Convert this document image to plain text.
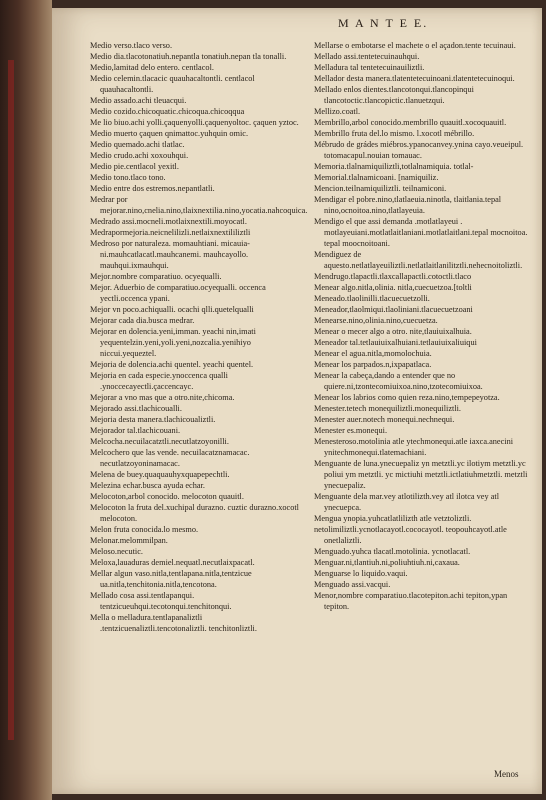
M A N T E E.

Medio verso.tlaco verso.

Medio dia.tlacotonatiuh.nepantla tonatiuh.nepan tla tonalli.

Medio,lamitad delo entero. centlacol.

Medio celemin.tlacacic quauhacaltontli. centlacol quauhacaltontli.

Medio assado.achi tleuacqui.

Medio cozido.chicoquatic.chicoqua.chicoqqua

Me lio biuo.achi yolli.çaquenyolli.çaquenyoltoc. çaquen yztoc.

Medio muerto çaquen qnimattoc.yuhquin omic.

Medio quemado.achi tlatlac.

Medio crudo.achi xoxouhqui.

Medio pie.centlacol yexitl.

Medio tono.tlaco tono.

Medio entre dos estremos.nepantlatli.

Medrar por mejorar.nino,cnelia.nino,tlaixnextilia.nino,yocatia.nahcoquica.

Medrado assi.mocneli.motlaixnextili.moyocatl.

Medrapormejoria.neicnelilizli.netlaixnextililiztli

Medroso por naturaleza. momauhtiani. micauia-ni.mauhcatlacatl.mauhcanemi. mauhcayollo. mauhqui.ixmauhqui.

Mejor.nombre comparatiuo. ocyequalli.

Mejor. Aduerbio de comparatiuo.ocyequalli. occenca yectli.occenca ypani.

Mejor vn poco.achiqualli. ocachi qlli.quetelqualli

Mejorar cada dia.busca medrar.

Mejorar en dolencia.yeni,imman. yeachi nin,imati yequentelzin.yeni,yoli.yeni,nozcalia.yenihiyo niccui.yequeztel.

Mejoria de dolencia.achi quentel. yeachi quentel.

Mejoria en cada especie.ynoccenca qualli .ynoccecayectli.çaccencayc.

Mejorar a vno mas que a otro.nite,chicoma.

Mejorado assi.tlachicoualli.

Mejoria desta manera.tlachicoualiztli.

Mejorador tal.tlachicouani.

Melcocha.necuilacatztli.necutlatzoyonilli.

Melcochero que las vende. necuilacatznamacac. necutlatzoyoninamacac.

Melena de buey.quaquauhyxquapepechtli.

Melezina echar.busca ayuda echar.

Melocoton,arbol conocido. melocoton quauitl.

Melocoton la fruta del.xuchipal durazno. cuztic durazno.xocotl melocoton.

Melon fruta conocida.lo mesmo.

Melonar.melommilpan.

Meloso.necutic.

Meloxa,lauaduras demiel.nequatl.necutlaixpacatl.

Mellar algun vaso.nitla,tentlapana.nitla,tentzicue ua.nitla,tenchitonia.nitla,tencotona.

Mellado cosa assi.tentlapanqui. tentzicueuhqui.tecotonqui.tenchitonqui.

Mella o melladura.tentlapanaliztli .tentzicuenaliztli.tencotonaliztli. tenchitonliztli.

Mellarse o embotarse el machete o el açadon.tente tecuinaui.

Mellado assi.tentetecuinauhqui.

Melladura tal tentetecuinauiliztli.

Mellador desta manera.tlatentetecuinoani.tlatentetecuinoqui.

Mellado enlos dientes.tlancotonqui.tlancopinqui tlancotoctic.tlancopictic.tlanuetzqui.

Mellizo.coatl.

Membrillo,arbol conocido.membrillo quauitl.xocoquauitl.

Membrillo fruta del.lo mismo. l.xocotl mébrillo.

Mébrudo de grádes miébros.ypanocanvey.ynina cayo.veueipul. totomacapul.nouian tomauac.

Memoria.tlalnamiquiliztli,totlalnamiquia. totlal-

Memorial.tlalnamicoani. [namiquiliz.

Mencion.teilnamiquiliztli. teilnamiconi.

Mendigar el pobre.nino,tlatlaeuia.ninotla, tlaitlania.tepal nino,ocnoitoa.nino,tlatlayeuia.

Mendigo el que assi demanda .motlatlayeui . motlayeuiani.motlatlaitlaniani.motlatlaitlani.tepal mocnoitoa. tepal moocnoitoani.

Mendiguez de aquesto.netlatlayeuiliztli.netlatlaitlanilitztli.nehecnoitoliztli.

Mendrugo.tlapactli.tlaxcallapactli.cotoctli.tlaco

Menear algo.nitla,olinia. nitla,cuecuetzoa.[toltli

Meneado.tlaolinilli.tlacuecuetzolli.

Meneador,tlaolmiqui.tlaoliniani.tlacuecuetzoani

Menearse.nino,olinia.nino,cuecuetza.

Menear o mecer algo a otro. nite,tlauiuixalhuia.

Meneador tal.tetlauiuixalhuiani.tetlauiuixaliuiqui

Menear el agua.nitla,momolochuia.

Menear los parpados.n,ixpapatlaca.

Menear la cabeça,dando a entender que no quiere.ni,tzontecomiuixoa.nino,tzotecomiuixoa.

Menear los labrios como quien reza.nino,tempepeyotza.

Menester.tetech monequiliztli.monequiliztli.

Menester auer.notech monequi.nechnequi.

Menester es.monequi.

Menesteroso.motolinia atle ytechmonequi.atle iaxca.anecini ynitechmonequi.tlatemachiani.

Menguante de luna.ynecuepaliz yn metztli.yc ilotiym metztli.yc poliui ym metztli. yc mictiuhi metztli.ictlatiuhmetztli. metztli ynecuepaliz.

Menguante dela mar.vey atlotilizth.vey atl ilotca vey atl ynecuepca.

Mengua ynopia.yuhcatlatlilizth atle vetztoliztli.

netolimiliztli.ycnotlacayotl.cococayotl. teopouhcayotl.atle onetlaliztli.

Menguado.yuhca tlacatl.motolinia. ycnotlacatl.

Menguar.ni,tlantiuh.ni,poliuhtiuh.ni,caxaua.

Menguarse lo liquido.vaqui.

Menguado assi.vacqui.

Menor,nombre comparatiuo.tlacotepiton.achi tepiton,ypan tepiton.

Menos
